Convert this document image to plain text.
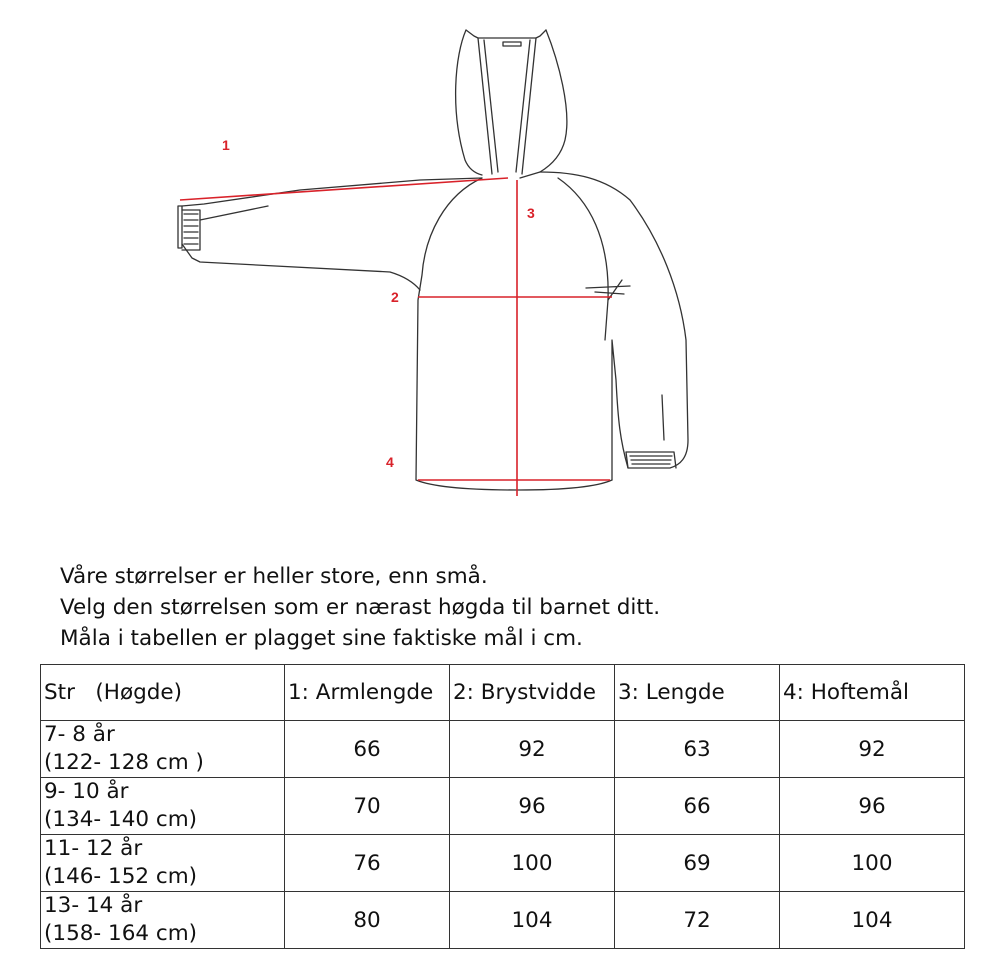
1
2
3
4
Våre størrelser er heller store, enn små.
Velg den størrelsen som er nærast høgda til barnet ditt.
Måla i tabellen er plagget sine faktiske mål i cm.
Str   (Høgde)	1: Armlengde	2: Brystvidde	3: Lengde	4: Hoftemål

7- 8 år
(122- 128 cm )	66	92	63	92

9- 10 år
(134- 140 cm)	70	96	66	96

11- 12 år
(146- 152 cm)	76	100	69	100

13- 14 år
(158- 164 cm)	80	104	72	104
